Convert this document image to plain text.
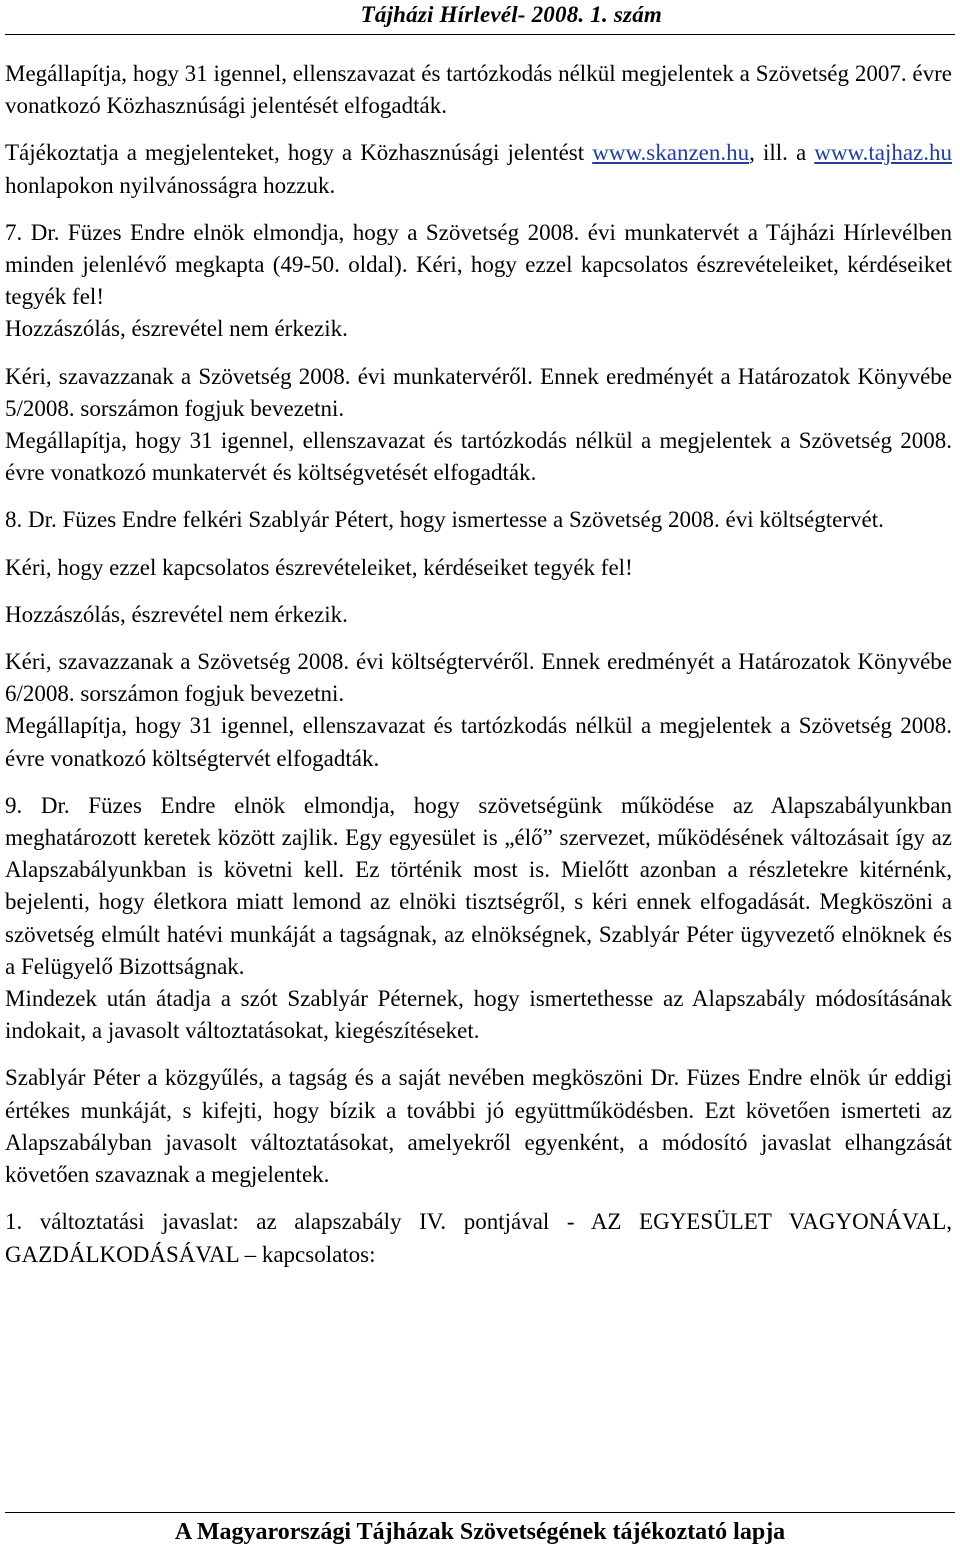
Tájházi Hírlevél- 2008. 1. szám

Megállapítja, hogy 31 igennel, ellenszavazat és tartózkodás nélkül megjelentek a Szövetség 2007. évre vonatkozó Közhasznúsági jelentését elfogadták.

Tájékoztatja a megjelenteket, hogy a Közhasznúsági jelentést www.skanzen.hu, ill. a www.tajhaz.hu honlapokon nyilvánosságra hozzuk.

7. Dr. Füzes Endre elnök elmondja, hogy a Szövetség 2008. évi munkatervét a Tájházi Hírlevélben minden jelenlévő megkapta (49-50. oldal). Kéri, hogy ezzel kapcsolatos észrevételeiket, kérdéseiket tegyék fel!

Hozzászólás, észrevétel nem érkezik.

Kéri, szavazzanak a Szövetség 2008. évi munkatervéről. Ennek eredményét a Határozatok Könyvébe 5/2008. sorszámon fogjuk bevezetni.

Megállapítja, hogy 31 igennel, ellenszavazat és tartózkodás nélkül a megjelentek a Szövetség 2008. évre vonatkozó munkatervét és költségvetését elfogadták.

8. Dr. Füzes Endre felkéri Szablyár Pétert, hogy ismertesse a Szövetség 2008. évi költségtervét.

Kéri, hogy ezzel kapcsolatos észrevételeiket, kérdéseiket tegyék fel!

Hozzászólás, észrevétel nem érkezik.

Kéri, szavazzanak a Szövetség 2008. évi költségtervéről. Ennek eredményét a Határozatok Könyvébe 6/2008. sorszámon fogjuk bevezetni.

Megállapítja, hogy 31 igennel, ellenszavazat és tartózkodás nélkül a megjelentek a Szövetség 2008. évre vonatkozó költségtervét elfogadták.

9. Dr. Füzes Endre elnök elmondja, hogy szövetségünk működése az Alapszabályunkban meghatározott keretek között zajlik. Egy egyesület is „élő” szervezet, működésének változásait így az Alapszabályunkban is követni kell. Ez történik most is. Mielőtt azonban a részletekre kitérnénk, bejelenti, hogy életkora miatt lemond az elnöki tisztségről, s kéri ennek elfogadását. Megköszöni a szövetség elmúlt hatévi munkáját a tagságnak, az elnökségnek, Szablyár Péter ügyvezető elnöknek és a Felügyelő Bizottságnak.

Mindezek után átadja a szót Szablyár Péternek, hogy ismertethesse az Alapszabály módosításának indokait, a javasolt változtatásokat, kiegészítéseket.

Szablyár Péter a közgyűlés, a tagság és a saját nevében megköszöni Dr. Füzes Endre elnök úr eddigi értékes munkáját, s kifejti, hogy bízik a további jó együttműködésben. Ezt követően ismerteti az Alapszabályban javasolt változtatásokat, amelyekről egyenként, a módosító javaslat elhangzását követően szavaznak a megjelentek.

1. változtatási javaslat: az alapszabály IV. pontjával - AZ EGYESÜLET VAGYONÁVAL, GAZDÁLKODÁSÁVAL – kapcsolatos:

A Magyarországi Tájházak Szövetségének tájékoztató lapja
